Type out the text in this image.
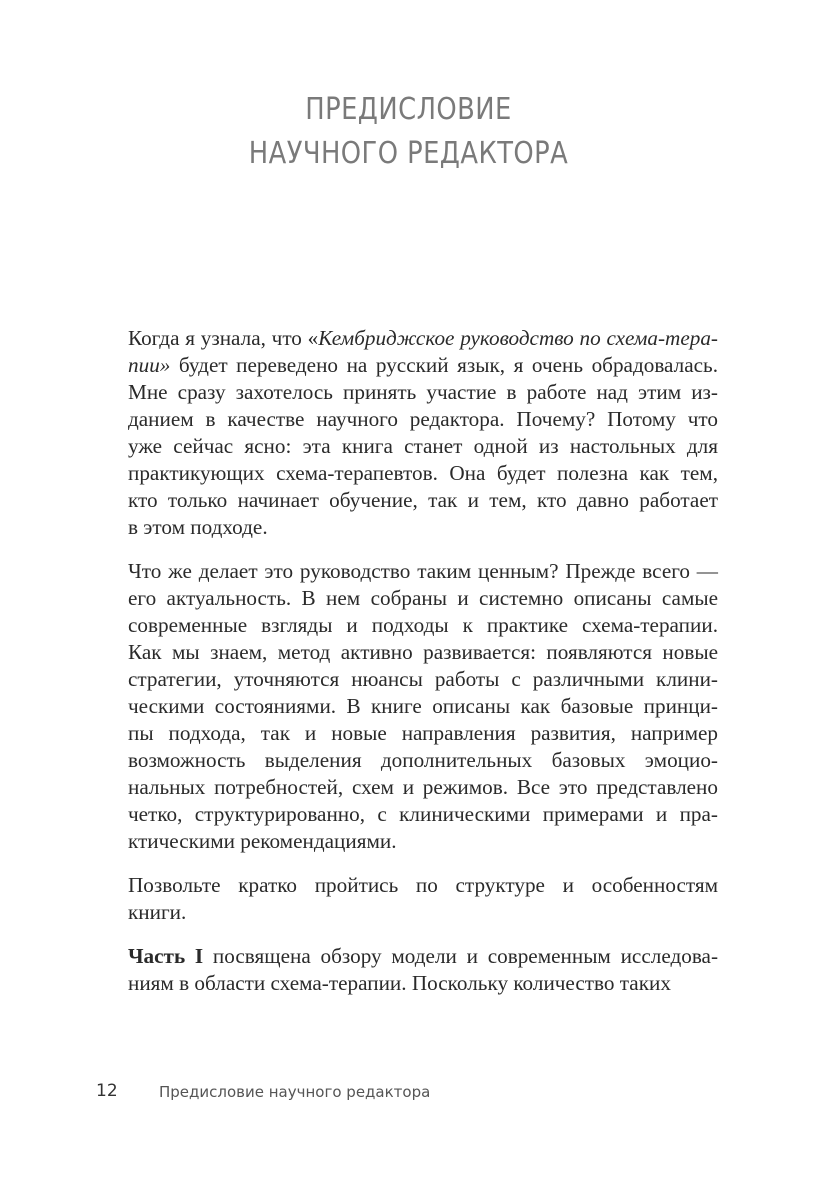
ПРЕДИСЛОВИЕ
НАУЧНОГО РЕДАКТОРА
Когда я узнала, что «Кембриджское руководство по схема-тера-
пии» будет переведено на русский язык, я очень обрадовалась.
Мне сразу захотелось принять участие в работе над этим из-
данием в качестве научного редактора. Почему? Потому что
уже сейчас ясно: эта книга станет одной из настольных для
практикующих схема-терапевтов. Она будет полезна как тем,
кто только начинает обучение, так и тем, кто давно работает
в этом подходе.
Что же делает это руководство таким ценным? Прежде всего —
его актуальность. В нем собраны и системно описаны самые
современные взгляды и подходы к практике схема-терапии.
Как мы знаем, метод активно развивается: появляются новые
стратегии, уточняются нюансы работы с различными клини-
ческими состояниями. В книге описаны как базовые принци-
пы подхода, так и новые направления развития, например
возможность выделения дополнительных базовых эмоцио-
нальных потребностей, схем и режимов. Все это представлено
четко, структурированно, с клиническими примерами и пра-
ктическими рекомендациями.
Позвольте кратко пройтись по структуре и особенностям
книги.
Часть I посвящена обзору модели и современным исследова-
ниям в области схема-терапии. Поскольку количество таких
12	Предисловие научного редактора
